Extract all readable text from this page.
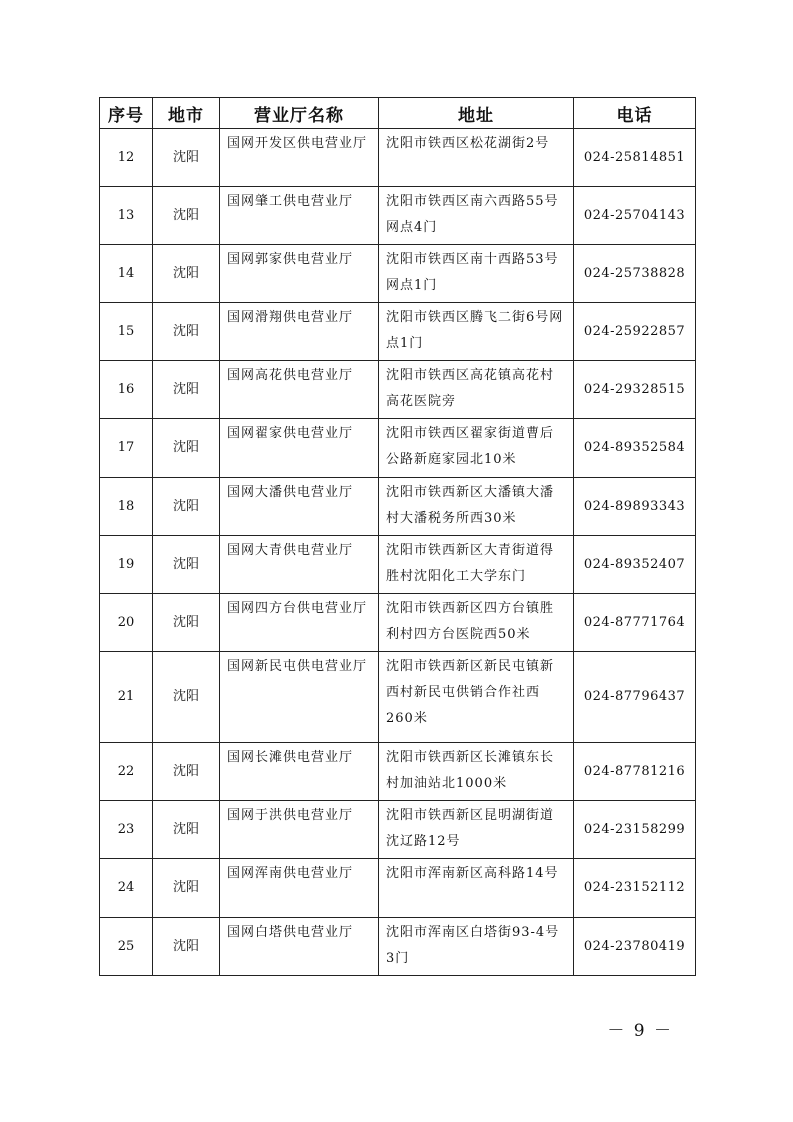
序号	地市	营业厅名称	地址	电话
12	沈阳	国网开发区供电营业厅	沈阳市铁西区松花湖街2号	024-25814851
13	沈阳	国网肇工供电营业厅	沈阳市铁西区南六西路55号网点4门	024-25704143
14	沈阳	国网郭家供电营业厅	沈阳市铁西区南十西路53号网点1门	024-25738828
15	沈阳	国网滑翔供电营业厅	沈阳市铁西区腾飞二街6号网点1门	024-25922857
16	沈阳	国网高花供电营业厅	沈阳市铁西区高花镇高花村高花医院旁	024-29328515
17	沈阳	国网翟家供电营业厅	沈阳市铁西区翟家街道曹后公路新庭家园北10米	024-89352584
18	沈阳	国网大潘供电营业厅	沈阳市铁西新区大潘镇大潘村大潘税务所西30米	024-89893343
19	沈阳	国网大青供电营业厅	沈阳市铁西新区大青街道得胜村沈阳化工大学东门	024-89352407
20	沈阳	国网四方台供电营业厅	沈阳市铁西新区四方台镇胜利村四方台医院西50米	024-87771764
21	沈阳	国网新民屯供电营业厅	沈阳市铁西新区新民屯镇新西村新民屯供销合作社西260米	024-87796437
22	沈阳	国网长滩供电营业厅	沈阳市铁西新区长滩镇东长村加油站北1000米	024-87781216
23	沈阳	国网于洪供电营业厅	沈阳市铁西新区昆明湖街道沈辽路12号	024-23158299
24	沈阳	国网浑南供电营业厅	沈阳市浑南新区高科路14号	024-23152112
25	沈阳	国网白塔供电营业厅	沈阳市浑南区白塔街93-4号3门	024-23780419
－ 9 －
